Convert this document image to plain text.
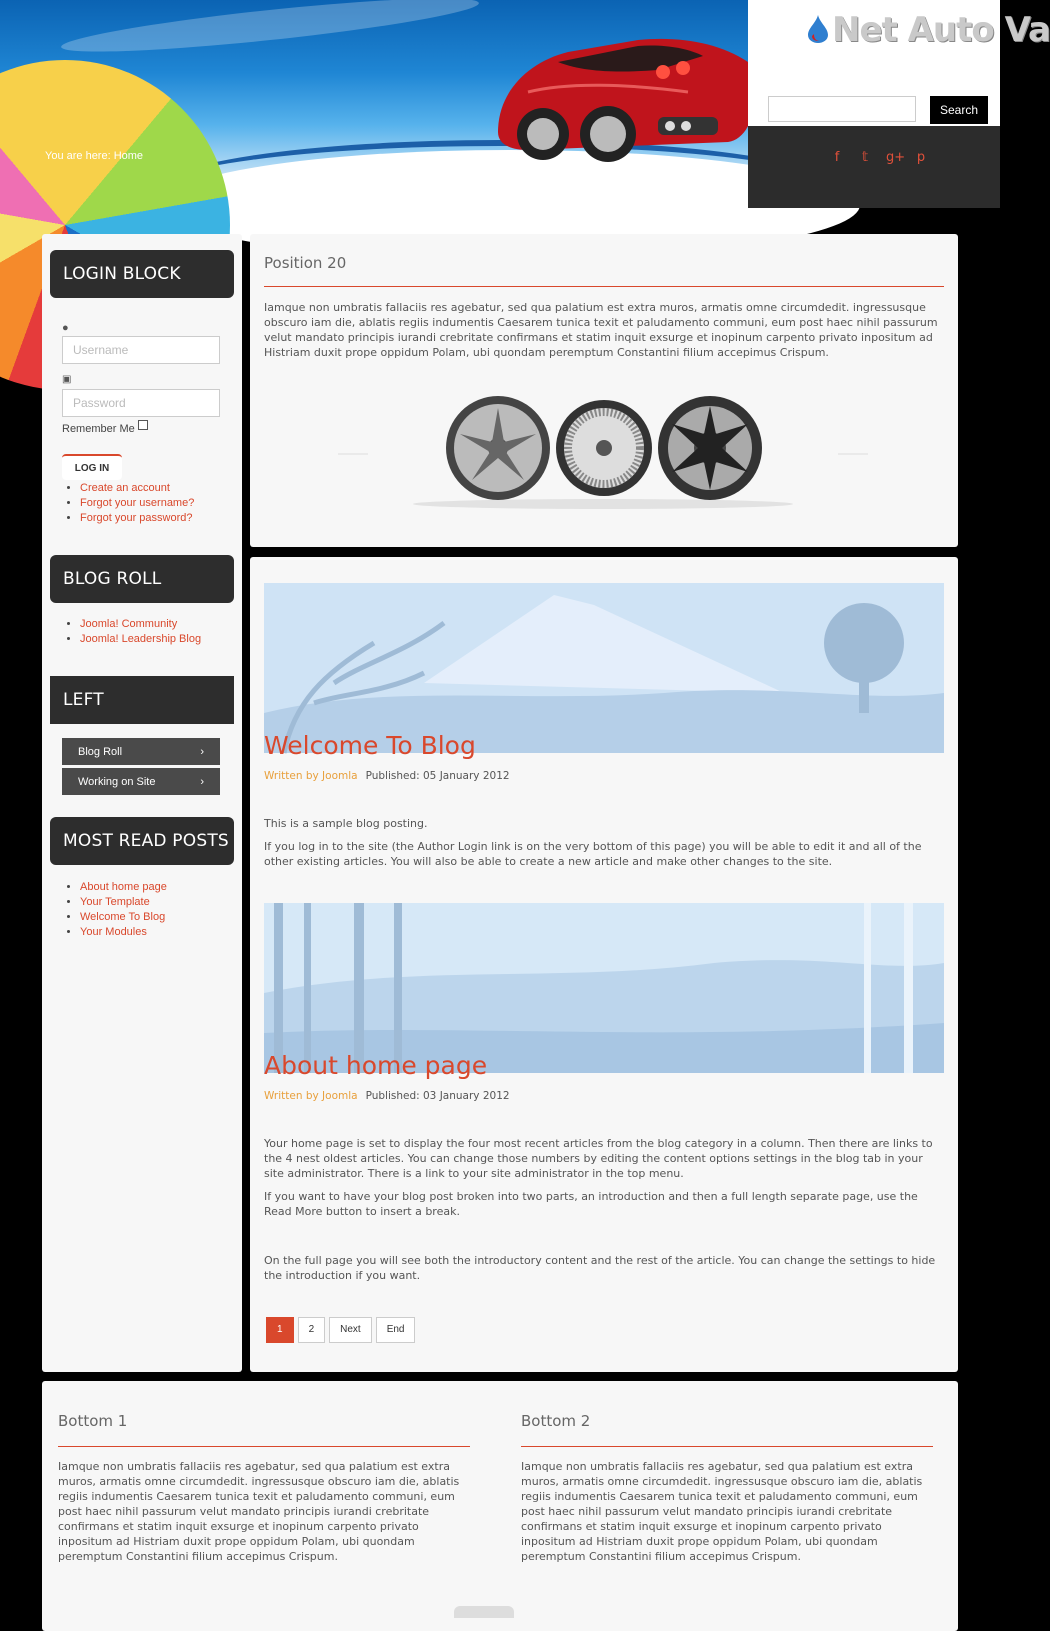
You are here: Home
Net Auto Va
Search
f	𝕥	g+ p
LOGIN BLOCK
●
Username
▣
Password
Remember Me
LOG IN
• Create an account
• Forgot your username?
• Forgot your password?
BLOG ROLL
• Joomla! Community
• Joomla! Leadership Blog
LEFT
Blog Roll	›
Working on Site	›
MOST READ POSTS
• About home page
• Your Template
• Welcome To Blog
• Your Modules
Position 20
Iamque non umbratis fallaciis res agebatur, sed qua palatium est extra muros, armatis omne circumdedit. ingressusque obscuro iam die, ablatis regiis indumentis Caesarem tunica texit et paludamento communi, eum post haec nihil passurum velut mandato principis iurandi crebritate confirmans et statim inquit exsurge et inopinum carpento privato inpositum ad Histriam duxit prope oppidum Polam, ubi quondam peremptum Constantini filium accepimus Crispum.
Welcome To Blog
Written by Joomla Published: 05 January 2012
This is a sample blog posting.
If you log in to the site (the Author Login link is on the very bottom of this page) you will be able to edit it and all of the other existing articles. You will also be able to create a new article and make other changes to the site.
About home page
Written by Joomla Published: 03 January 2012
Your home page is set to display the four most recent articles from the blog category in a column. Then there are links to the 4 nest oldest articles. You can change those numbers by editing the content options settings in the blog tab in your site administrator. There is a link to your site administrator in the top menu.
If you want to have your blog post broken into two parts, an introduction and then a full length separate page, use the Read More button to insert a break.
On the full page you will see both the introductory content and the rest of the article. You can change the settings to hide the introduction if you want.
1	2	Next	End
Bottom 1
Iamque non umbratis fallaciis res agebatur, sed qua palatium est extra muros, armatis omne circumdedit. ingressusque obscuro iam die, ablatis regiis indumentis Caesarem tunica texit et paludamento communi, eum post haec nihil passurum velut mandato principis iurandi crebritate confirmans et statim inquit exsurge et inopinum carpento privato inpositum ad Histriam duxit prope oppidum Polam, ubi quondam peremptum Constantini filium accepimus Crispum.
Bottom 2
Iamque non umbratis fallaciis res agebatur, sed qua palatium est extra muros, armatis omne circumdedit. ingressusque obscuro iam die, ablatis regiis indumentis Caesarem tunica texit et paludamento communi, eum post haec nihil passurum velut mandato principis iurandi crebritate confirmans et statim inquit exsurge et inopinum carpento privato inpositum ad Histriam duxit prope oppidum Polam, ubi quondam peremptum Constantini filium accepimus Crispum.
